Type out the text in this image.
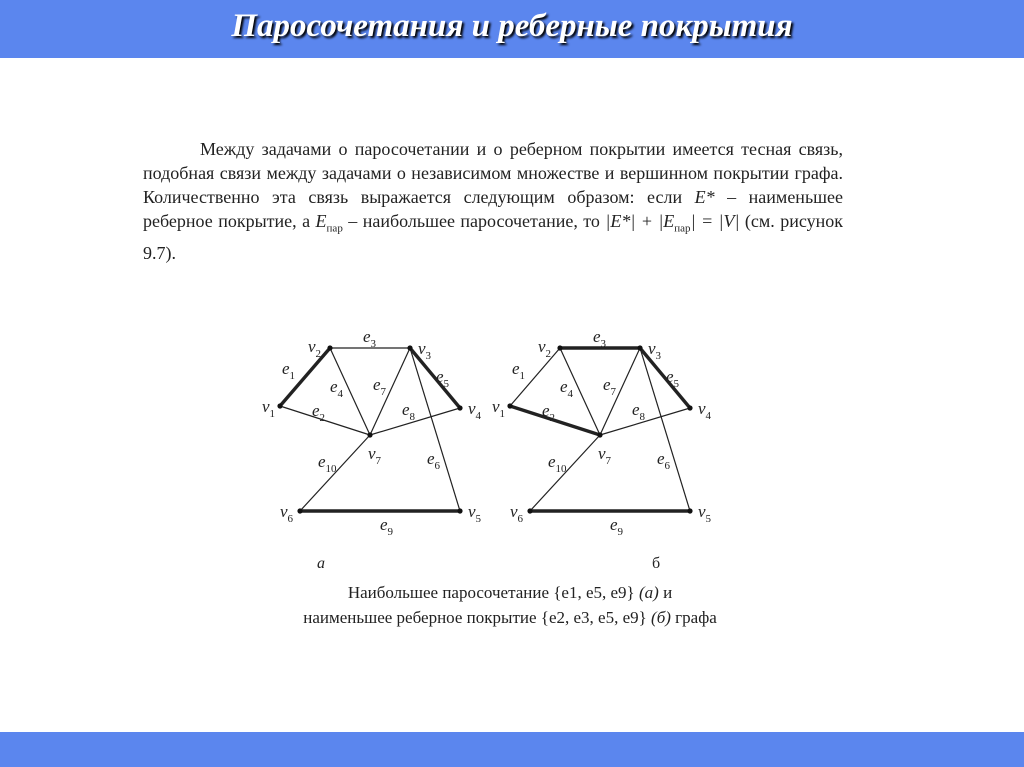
Паросочетания и реберные покрытия
Между задачами о паросочетании и о реберном покрытии имеется тесная связь, подобная связи между задачами о независимом множестве и вершинном покрытии графа. Количественно эта связь выражается следующим образом: если E* – наименьшее реберное покрытие, а $E_{пар}$ – наибольшее паросочетание, то $|E*| + |E_{пар}| = |V|$ (см. рисунок 9.7).
$e_1$
$e_2$
$e_3$
$e_4$
$e_5$
$e_6$
$e_7$
$e_8$
$e_9$
$e_{10}$
$v_1$
$v_2$	$v_3$
$v_4$
$v_5$
$v_6$
$v_7$
$e_1$
$e_2$
$e_3$
$e_4$
$e_5$
$e_6$
$e_7$
$e_8$
$e_9$
$e_{10}$
$v_1$
$v_2$	$v_3$
$v_4$
$v_5$
$v_6$
$v_7$
а	б
Наибольшее паросочетание {e1, e5, e9} (а) и
наименьшее реберное покрытие {e2, e3, e5, e9} (б) графа
